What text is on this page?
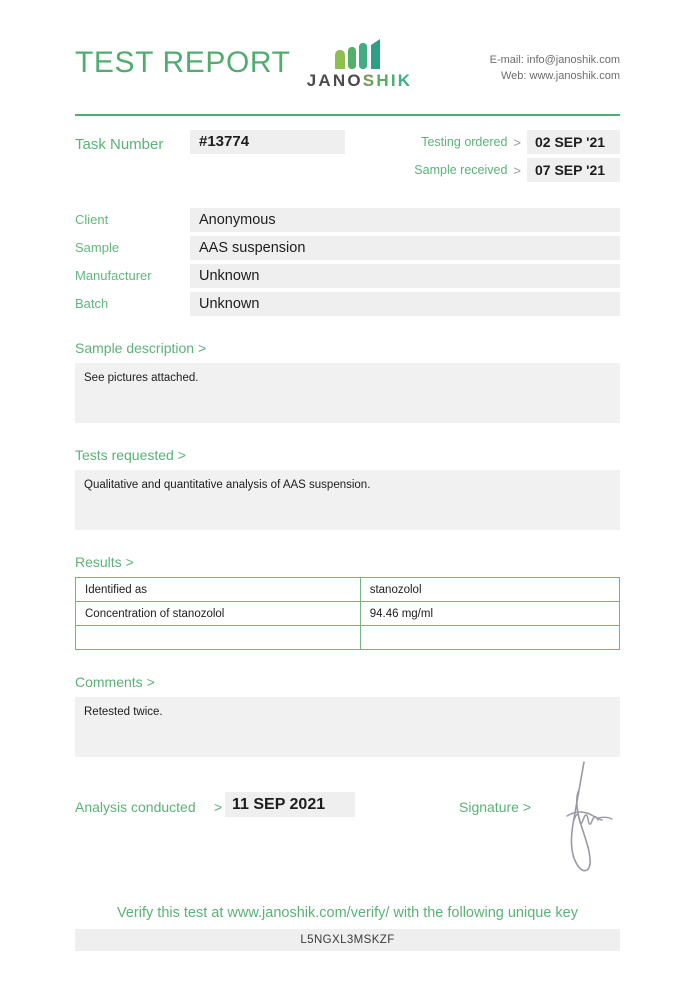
TEST REPORT
JANOSHIK
E-mail: info@janoshik.com
Web: www.janoshik.com
Task Number	#13774	Testing ordered >	02 SEP '21
Sample received >	07 SEP '21
Client	Anonymous
Sample	AAS suspension
Manufacturer	Unknown
Batch	Unknown
Sample description >
See pictures attached.
Tests requested >
Qualitative and quantitative analysis of AAS suspension.
Results >
Identified as	stanozolol
Concentration of stanozolol	94.46 mg/ml

Comments >
Retested twice.
Analysis conducted > 11 SEP 2021	Signature >
Verify this test at www.janoshik.com/verify/ with the following unique key
L5NGXL3MSKZF
